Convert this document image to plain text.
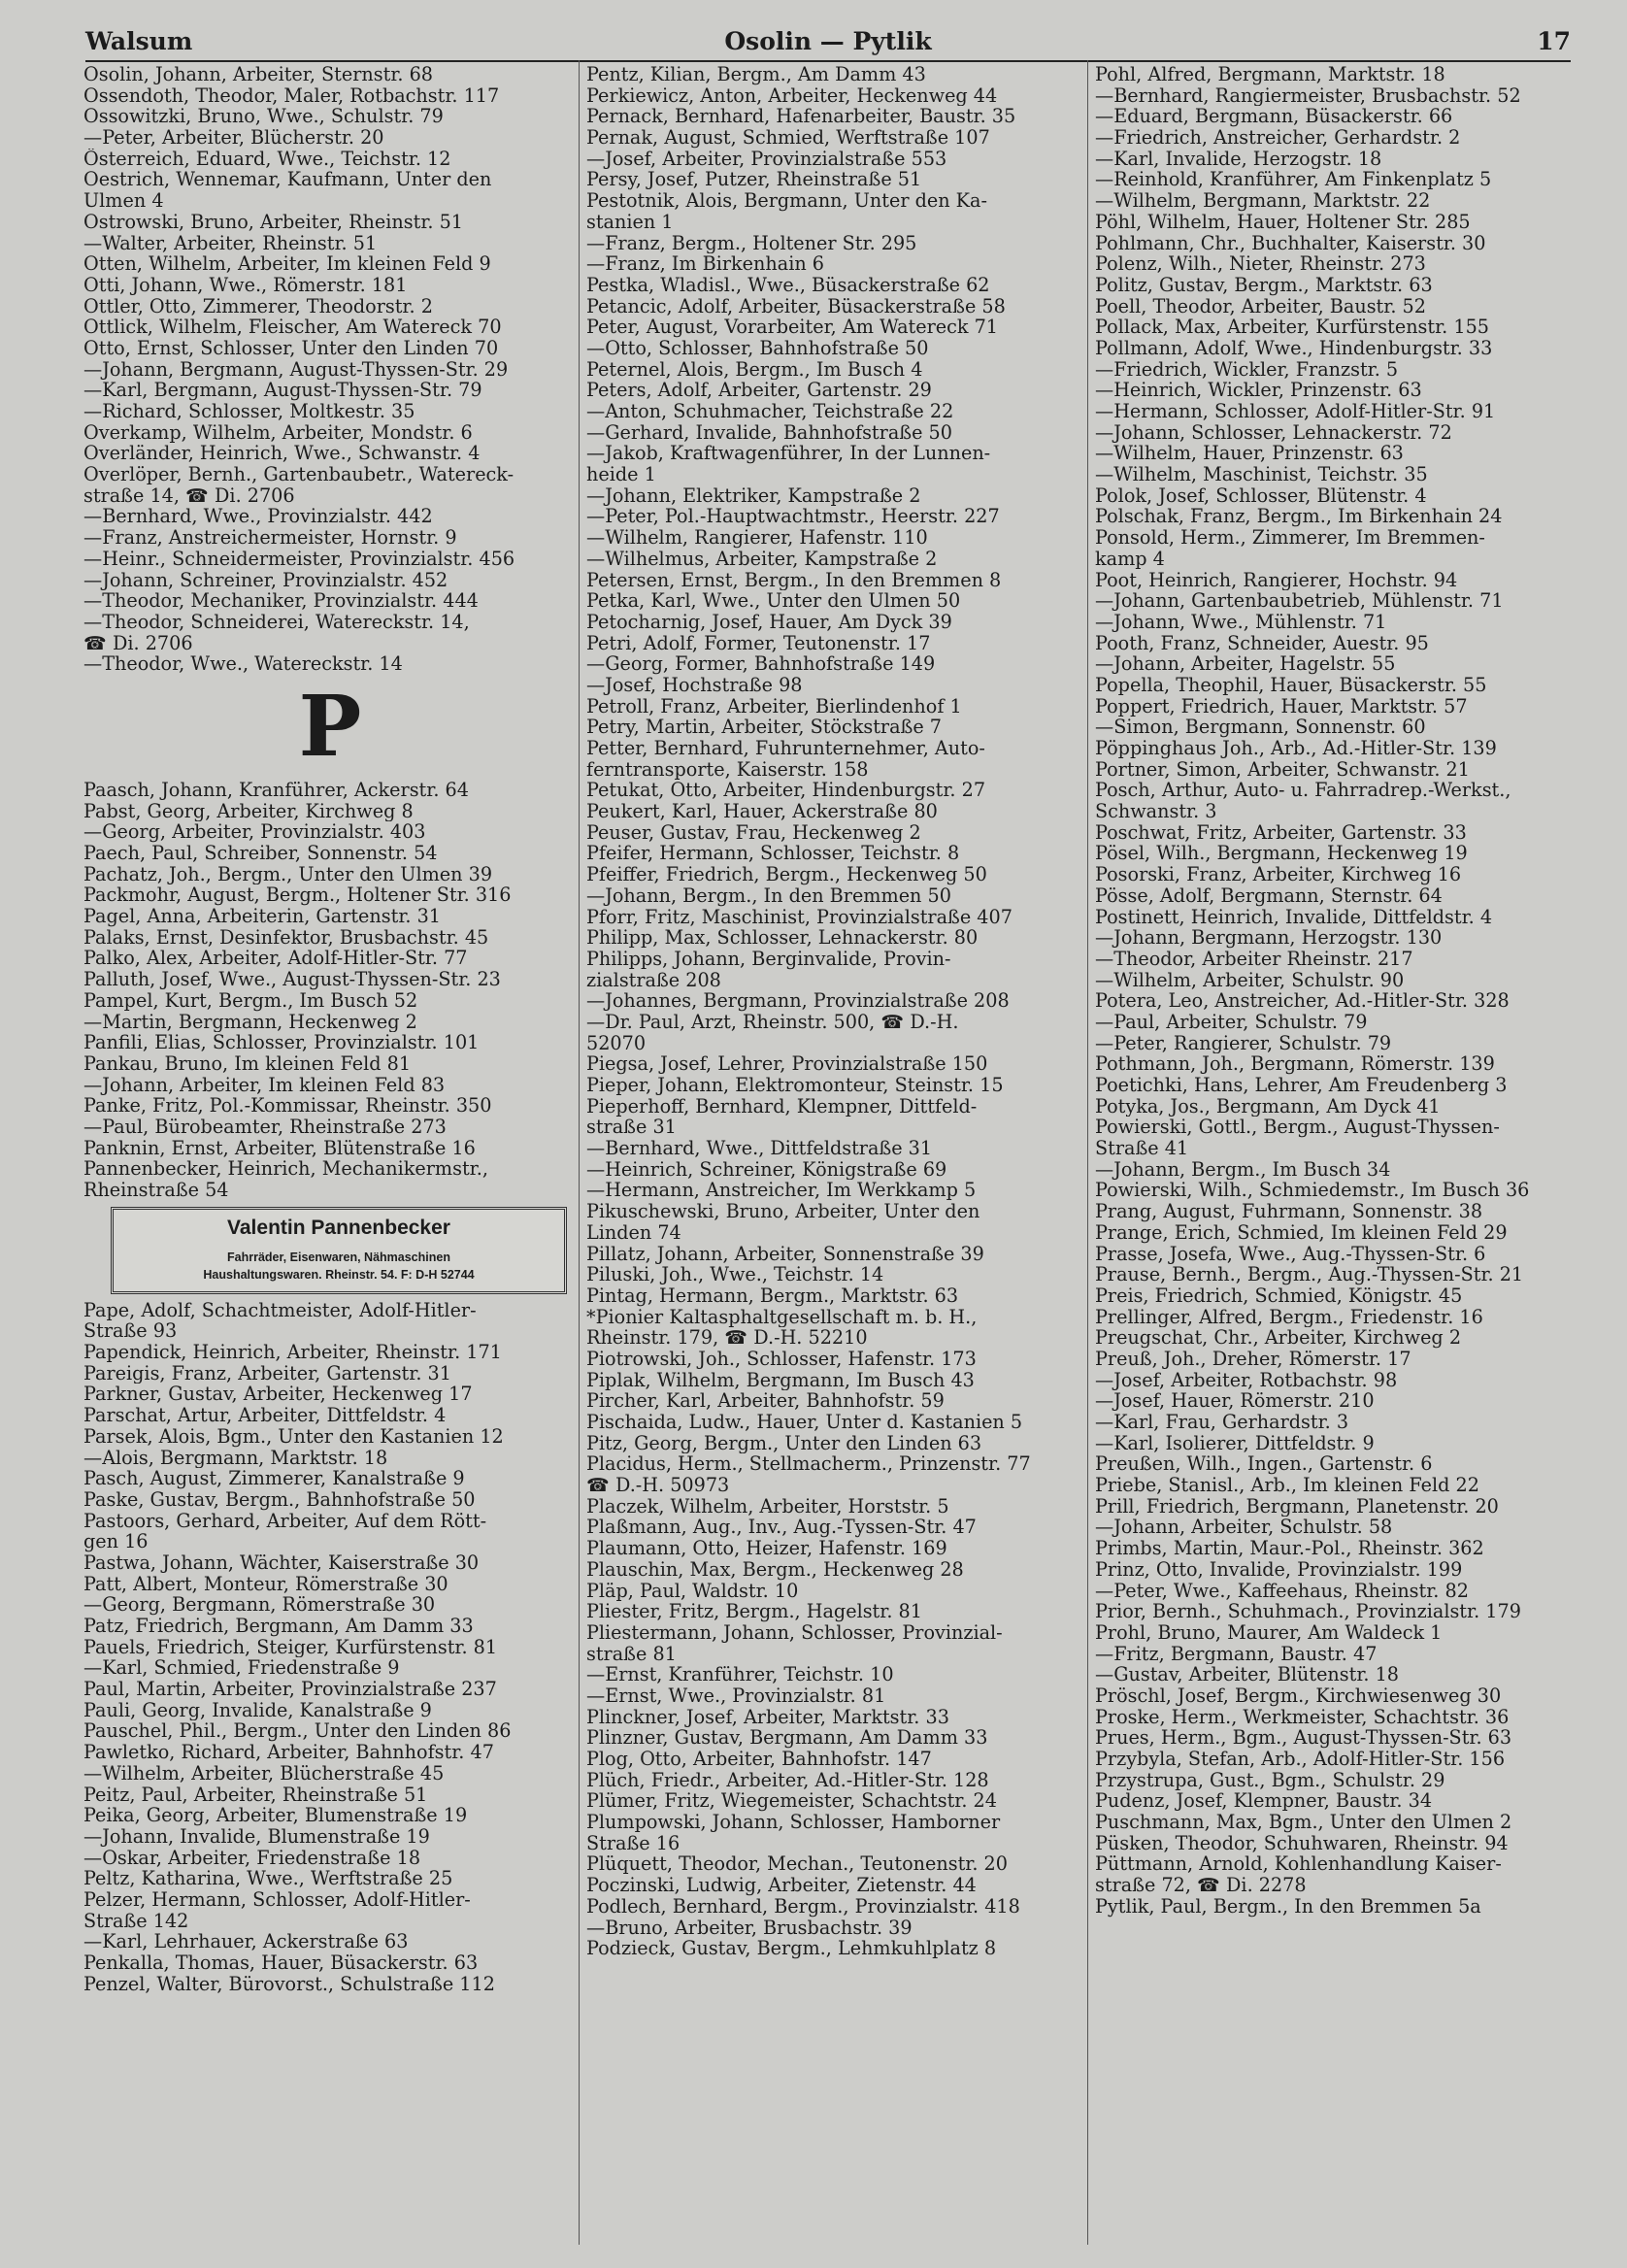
Osolin — Pytlik
Walsum	17
Osolin, Johann, Arbeiter, Sternstr. 68
Ossendoth, Theodor, Maler, Rotbachstr. 117
Ossowitzki, Bruno, Wwe., Schulstr. 79
—Peter, Arbeiter, Blücherstr. 20
Österreich, Eduard, Wwe., Teichstr. 12
Oestrich, Wennemar, Kaufmann, Unter den
Ulmen 4
Ostrowski, Bruno, Arbeiter, Rheinstr. 51
—Walter, Arbeiter, Rheinstr. 51
Otten, Wilhelm, Arbeiter, Im kleinen Feld 9
Otti, Johann, Wwe., Römerstr. 181
Ottler, Otto, Zimmerer, Theodorstr. 2
Ottlick, Wilhelm, Fleischer, Am Watereck 70
Otto, Ernst, Schlosser, Unter den Linden 70
—Johann, Bergmann, August-Thyssen-Str. 29
—Karl, Bergmann, August-Thyssen-Str. 79
—Richard, Schlosser, Moltkestr. 35
Overkamp, Wilhelm, Arbeiter, Mondstr. 6
Overländer, Heinrich, Wwe., Schwanstr. 4
Overlöper, Bernh., Gartenbaubetr., Watereck-
straße 14, ☎ Di. 2706
—Bernhard, Wwe., Provinzialstr. 442
—Franz, Anstreichermeister, Hornstr. 9
—Heinr., Schneidermeister, Provinzialstr. 456
—Johann, Schreiner, Provinzialstr. 452
—Theodor, Mechaniker, Provinzialstr. 444
—Theodor, Schneiderei, Watereckstr. 14,
☎ Di. 2706
—Theodor, Wwe., Watereckstr. 14
P
Paasch, Johann, Kranführer, Ackerstr. 64
Pabst, Georg, Arbeiter, Kirchweg 8
—Georg, Arbeiter, Provinzialstr. 403
Paech, Paul, Schreiber, Sonnenstr. 54
Pachatz, Joh., Bergm., Unter den Ulmen 39
Packmohr, August, Bergm., Holtener Str. 316
Pagel, Anna, Arbeiterin, Gartenstr. 31
Palaks, Ernst, Desinfektor, Brusbachstr. 45
Palko, Alex, Arbeiter, Adolf-Hitler-Str. 77
Palluth, Josef, Wwe., August-Thyssen-Str. 23
Pampel, Kurt, Bergm., Im Busch 52
—Martin, Bergmann, Heckenweg 2
Panfili, Elias, Schlosser, Provinzialstr. 101
Pankau, Bruno, Im kleinen Feld 81
—Johann, Arbeiter, Im kleinen Feld 83
Panke, Fritz, Pol.-Kommissar, Rheinstr. 350
—Paul, Bürobeamter, Rheinstraße 273
Panknin, Ernst, Arbeiter, Blütenstraße 16
Pannenbecker, Heinrich, Mechanikermstr.,
Rheinstraße 54
Valentin Pannenbecker
Fahrräder, Eisenwaren, Nähmaschinen
Haushaltungswaren. Rheinstr. 54. F: D-H 52744
Pape, Adolf, Schachtmeister, Adolf-Hitler-
Straße 93
Papendick, Heinrich, Arbeiter, Rheinstr. 171
Pareigis, Franz, Arbeiter, Gartenstr. 31
Parkner, Gustav, Arbeiter, Heckenweg 17
Parschat, Artur, Arbeiter, Dittfeldstr. 4
Parsek, Alois, Bgm., Unter den Kastanien 12
—Alois, Bergmann, Marktstr. 18
Pasch, August, Zimmerer, Kanalstraße 9
Paske, Gustav, Bergm., Bahnhofstraße 50
Pastoors, Gerhard, Arbeiter, Auf dem Rött-
gen 16
Pastwa, Johann, Wächter, Kaiserstraße 30
Patt, Albert, Monteur, Römerstraße 30
—Georg, Bergmann, Römerstraße 30
Patz, Friedrich, Bergmann, Am Damm 33
Pauels, Friedrich, Steiger, Kurfürstenstr. 81
—Karl, Schmied, Friedenstraße 9
Paul, Martin, Arbeiter, Provinzialstraße 237
Pauli, Georg, Invalide, Kanalstraße 9
Pauschel, Phil., Bergm., Unter den Linden 86
Pawletko, Richard, Arbeiter, Bahnhofstr. 47
—Wilhelm, Arbeiter, Blücherstraße 45
Peitz, Paul, Arbeiter, Rheinstraße 51
Peika, Georg, Arbeiter, Blumenstraße 19
—Johann, Invalide, Blumenstraße 19
—Oskar, Arbeiter, Friedenstraße 18
Peltz, Katharina, Wwe., Werftstraße 25
Pelzer, Hermann, Schlosser, Adolf-Hitler-
Straße 142
—Karl, Lehrhauer, Ackerstraße 63
Penkalla, Thomas, Hauer, Büsackerstr. 63
Penzel, Walter, Bürovorst., Schulstraße 112
Pentz, Kilian, Bergm., Am Damm 43
Perkiewicz, Anton, Arbeiter, Heckenweg 44
Pernack, Bernhard, Hafenarbeiter, Baustr. 35
Pernak, August, Schmied, Werftstraße 107
—Josef, Arbeiter, Provinzialstraße 553
Persy, Josef, Putzer, Rheinstraße 51
Pestotnik, Alois, Bergmann, Unter den Ka-
stanien 1
—Franz, Bergm., Holtener Str. 295
—Franz, Im Birkenhain 6
Pestka, Wladisl., Wwe., Büsackerstraße 62
Petancic, Adolf, Arbeiter, Büsackerstraße 58
Peter, August, Vorarbeiter, Am Watereck 71
—Otto, Schlosser, Bahnhofstraße 50
Peternel, Alois, Bergm., Im Busch 4
Peters, Adolf, Arbeiter, Gartenstr. 29
—Anton, Schuhmacher, Teichstraße 22
—Gerhard, Invalide, Bahnhofstraße 50
—Jakob, Kraftwagenführer, In der Lunnen-
heide 1
—Johann, Elektriker, Kampstraße 2
—Peter, Pol.-Hauptwachtmstr., Heerstr. 227
—Wilhelm, Rangierer, Hafenstr. 110
—Wilhelmus, Arbeiter, Kampstraße 2
Petersen, Ernst, Bergm., In den Bremmen 8
Petka, Karl, Wwe., Unter den Ulmen 50
Petocharnig, Josef, Hauer, Am Dyck 39
Petri, Adolf, Former, Teutonenstr. 17
—Georg, Former, Bahnhofstraße 149
—Josef, Hochstraße 98
Petroll, Franz, Arbeiter, Bierlindenhof 1
Petry, Martin, Arbeiter, Stöckstraße 7
Petter, Bernhard, Fuhrunternehmer, Auto-
ferntransporte, Kaiserstr. 158
Petukat, Otto, Arbeiter, Hindenburgstr. 27
Peukert, Karl, Hauer, Ackerstraße 80
Peuser, Gustav, Frau, Heckenweg 2
Pfeifer, Hermann, Schlosser, Teichstr. 8
Pfeiffer, Friedrich, Bergm., Heckenweg 50
—Johann, Bergm., In den Bremmen 50
Pforr, Fritz, Maschinist, Provinzialstraße 407
Philipp, Max, Schlosser, Lehnackerstr. 80
Philipps, Johann, Berginvalide, Provin-
zialstraße 208
—Johannes, Bergmann, Provinzialstraße 208
—Dr. Paul, Arzt, Rheinstr. 500, ☎ D.-H.
52070
Piegsa, Josef, Lehrer, Provinzialstraße 150
Pieper, Johann, Elektromonteur, Steinstr. 15
Pieperhoff, Bernhard, Klempner, Dittfeld-
straße 31
—Bernhard, Wwe., Dittfeldstraße 31
—Heinrich, Schreiner, Königstraße 69
—Hermann, Anstreicher, Im Werkkamp 5
Pikuschewski, Bruno, Arbeiter, Unter den
Linden 74
Pillatz, Johann, Arbeiter, Sonnenstraße 39
Piluski, Joh., Wwe., Teichstr. 14
Pintag, Hermann, Bergm., Marktstr. 63
*Pionier Kaltasphaltgesellschaft m. b. H.,
Rheinstr. 179, ☎ D.-H. 52210
Piotrowski, Joh., Schlosser, Hafenstr. 173
Piplak, Wilhelm, Bergmann, Im Busch 43
Pircher, Karl, Arbeiter, Bahnhofstr. 59
Pischaida, Ludw., Hauer, Unter d. Kastanien 5
Pitz, Georg, Bergm., Unter den Linden 63
Placidus, Herm., Stellmacherm., Prinzenstr. 77
☎ D.-H. 50973
Placzek, Wilhelm, Arbeiter, Horststr. 5
Plaßmann, Aug., Inv., Aug.-Tyssen-Str. 47
Plaumann, Otto, Heizer, Hafenstr. 169
Plauschin, Max, Bergm., Heckenweg 28
Pläp, Paul, Waldstr. 10
Pliester, Fritz, Bergm., Hagelstr. 81
Pliestermann, Johann, Schlosser, Provinzial-
straße 81
—Ernst, Kranführer, Teichstr. 10
—Ernst, Wwe., Provinzialstr. 81
Plinckner, Josef, Arbeiter, Marktstr. 33
Plinzner, Gustav, Bergmann, Am Damm 33
Plog, Otto, Arbeiter, Bahnhofstr. 147
Plüch, Friedr., Arbeiter, Ad.-Hitler-Str. 128
Plümer, Fritz, Wiegemeister, Schachtstr. 24
Plumpowski, Johann, Schlosser, Hamborner
Straße 16
Plüquett, Theodor, Mechan., Teutonenstr. 20
Poczinski, Ludwig, Arbeiter, Zietenstr. 44
Podlech, Bernhard, Bergm., Provinzialstr. 418
—Bruno, Arbeiter, Brusbachstr. 39
Podzieck, Gustav, Bergm., Lehmkuhlplatz 8
Pohl, Alfred, Bergmann, Marktstr. 18
—Bernhard, Rangiermeister, Brusbachstr. 52
—Eduard, Bergmann, Büsackerstr. 66
—Friedrich, Anstreicher, Gerhardstr. 2
—Karl, Invalide, Herzogstr. 18
—Reinhold, Kranführer, Am Finkenplatz 5
—Wilhelm, Bergmann, Marktstr. 22
Pöhl, Wilhelm, Hauer, Holtener Str. 285
Pohlmann, Chr., Buchhalter, Kaiserstr. 30
Polenz, Wilh., Nieter, Rheinstr. 273
Politz, Gustav, Bergm., Marktstr. 63
Poell, Theodor, Arbeiter, Baustr. 52
Pollack, Max, Arbeiter, Kurfürstenstr. 155
Pollmann, Adolf, Wwe., Hindenburgstr. 33
—Friedrich, Wickler, Franzstr. 5
—Heinrich, Wickler, Prinzenstr. 63
—Hermann, Schlosser, Adolf-Hitler-Str. 91
—Johann, Schlosser, Lehnackerstr. 72
—Wilhelm, Hauer, Prinzenstr. 63
—Wilhelm, Maschinist, Teichstr. 35
Polok, Josef, Schlosser, Blütenstr. 4
Polschak, Franz, Bergm., Im Birkenhain 24
Ponsold, Herm., Zimmerer, Im Bremmen-
kamp 4
Poot, Heinrich, Rangierer, Hochstr. 94
—Johann, Gartenbaubetrieb, Mühlenstr. 71
—Johann, Wwe., Mühlenstr. 71
Pooth, Franz, Schneider, Auestr. 95
—Johann, Arbeiter, Hagelstr. 55
Popella, Theophil, Hauer, Büsackerstr. 55
Poppert, Friedrich, Hauer, Marktstr. 57
—Simon, Bergmann, Sonnenstr. 60
Pöppinghaus Joh., Arb., Ad.-Hitler-Str. 139
Portner, Simon, Arbeiter, Schwanstr. 21
Posch, Arthur, Auto- u. Fahrradrep.-Werkst.,
Schwanstr. 3
Poschwat, Fritz, Arbeiter, Gartenstr. 33
Pösel, Wilh., Bergmann, Heckenweg 19
Posorski, Franz, Arbeiter, Kirchweg 16
Pösse, Adolf, Bergmann, Sternstr. 64
Postinett, Heinrich, Invalide, Dittfeldstr. 4
—Johann, Bergmann, Herzogstr. 130
—Theodor, Arbeiter Rheinstr. 217
—Wilhelm, Arbeiter, Schulstr. 90
Potera, Leo, Anstreicher, Ad.-Hitler-Str. 328
—Paul, Arbeiter, Schulstr. 79
—Peter, Rangierer, Schulstr. 79
Pothmann, Joh., Bergmann, Römerstr. 139
Poetichki, Hans, Lehrer, Am Freudenberg 3
Potyka, Jos., Bergmann, Am Dyck 41
Powierski, Gottl., Bergm., August-Thyssen-
Straße 41
—Johann, Bergm., Im Busch 34
Powierski, Wilh., Schmiedemstr., Im Busch 36
Prang, August, Fuhrmann, Sonnenstr. 38
Prange, Erich, Schmied, Im kleinen Feld 29
Prasse, Josefa, Wwe., Aug.-Thyssen-Str. 6
Prause, Bernh., Bergm., Aug.-Thyssen-Str. 21
Preis, Friedrich, Schmied, Königstr. 45
Prellinger, Alfred, Bergm., Friedenstr. 16
Preugschat, Chr., Arbeiter, Kirchweg 2
Preuß, Joh., Dreher, Römerstr. 17
—Josef, Arbeiter, Rotbachstr. 98
—Josef, Hauer, Römerstr. 210
—Karl, Frau, Gerhardstr. 3
—Karl, Isolierer, Dittfeldstr. 9
Preußen, Wilh., Ingen., Gartenstr. 6
Priebe, Stanisl., Arb., Im kleinen Feld 22
Prill, Friedrich, Bergmann, Planetenstr. 20
—Johann, Arbeiter, Schulstr. 58
Primbs, Martin, Maur.-Pol., Rheinstr. 362
Prinz, Otto, Invalide, Provinzialstr. 199
—Peter, Wwe., Kaffeehaus, Rheinstr. 82
Prior, Bernh., Schuhmach., Provinzialstr. 179
Prohl, Bruno, Maurer, Am Waldeck 1
—Fritz, Bergmann, Baustr. 47
—Gustav, Arbeiter, Blütenstr. 18
Pröschl, Josef, Bergm., Kirchwiesenweg 30
Proske, Herm., Werkmeister, Schachtstr. 36
Prues, Herm., Bgm., August-Thyssen-Str. 63
Przybyla, Stefan, Arb., Adolf-Hitler-Str. 156
Przystrupa, Gust., Bgm., Schulstr. 29
Pudenz, Josef, Klempner, Baustr. 34
Puschmann, Max, Bgm., Unter den Ulmen 2
Püsken, Theodor, Schuhwaren, Rheinstr. 94
Püttmann, Arnold, Kohlenhandlung Kaiser-
straße 72, ☎ Di. 2278
Pytlik, Paul, Bergm., In den Bremmen 5a
